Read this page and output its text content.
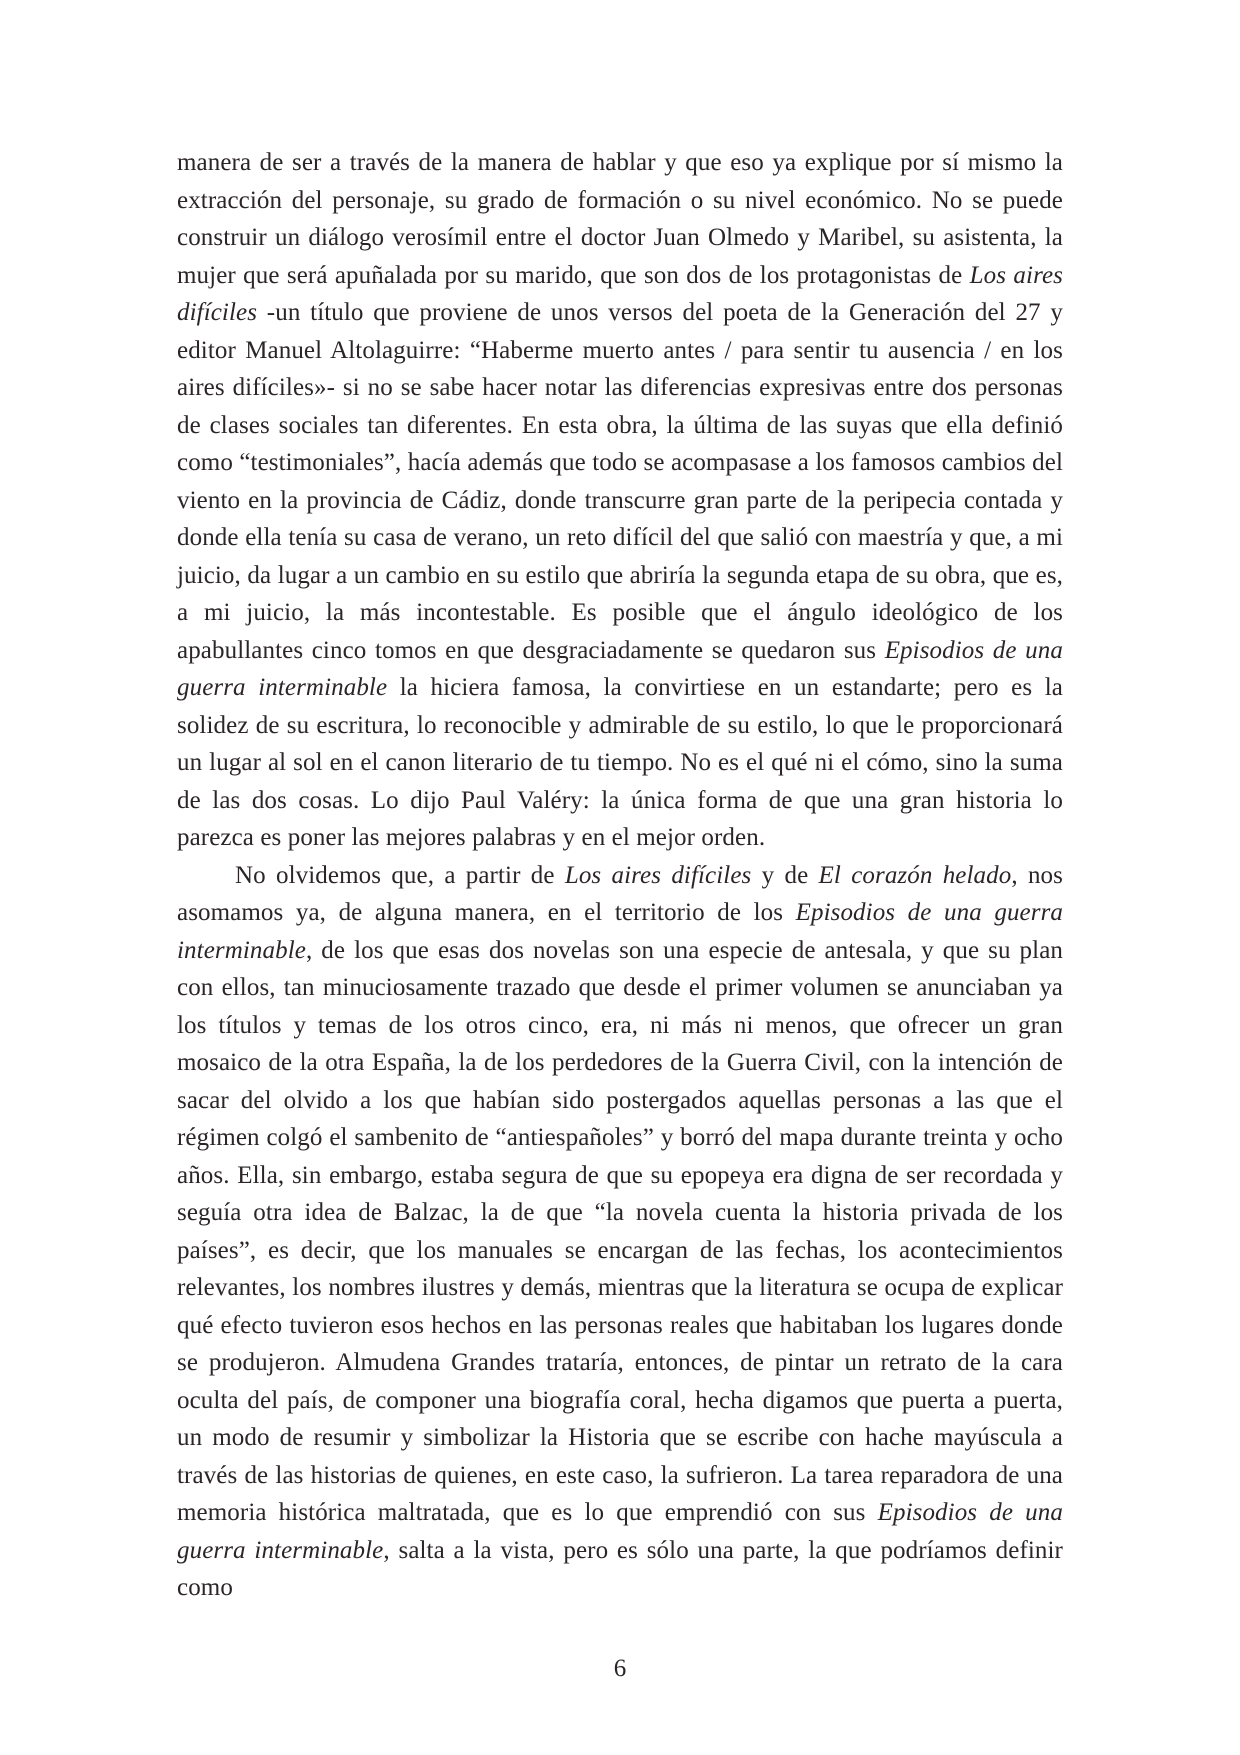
manera de ser a través de la manera de hablar y que eso ya explique por sí mismo la extracción del personaje, su grado de formación o su nivel económico. No se puede construir un diálogo verosímil entre el doctor Juan Olmedo y Maribel, su asistenta, la mujer que será apuñalada por su marido, que son dos de los protagonistas de Los aires difíciles -un título que proviene de unos versos del poeta de la Generación del 27 y editor Manuel Altolaguirre: “Haberme muerto antes / para sentir tu ausencia / en los aires difíciles»- si no se sabe hacer notar las diferencias expresivas entre dos personas de clases sociales tan diferentes. En esta obra, la última de las suyas que ella definió como “testimoniales”, hacía además que todo se acompasase a los famosos cambios del viento en la provincia de Cádiz, donde transcurre gran parte de la peripecia contada y donde ella tenía su casa de verano, un reto difícil del que salió con maestría y que, a mi juicio, da lugar a un cambio en su estilo que abriría la segunda etapa de su obra, que es, a mi juicio, la más incontestable. Es posible que el ángulo ideológico de los apabullantes cinco tomos en que desgraciadamente se quedaron sus Episodios de una guerra interminable la hiciera famosa, la convirtiese en un estandarte; pero es la solidez de su escritura, lo reconocible y admirable de su estilo, lo que le proporcionará un lugar al sol en el canon literario de tu tiempo. No es el qué ni el cómo, sino la suma de las dos cosas. Lo dijo Paul Valéry: la única forma de que una gran historia lo parezca es poner las mejores palabras y en el mejor orden.

No olvidemos que, a partir de Los aires difíciles y de El corazón helado, nos asomamos ya, de alguna manera, en el territorio de los Episodios de una guerra interminable, de los que esas dos novelas son una especie de antesala, y que su plan con ellos, tan minuciosamente trazado que desde el primer volumen se anunciaban ya los títulos y temas de los otros cinco, era, ni más ni menos, que ofrecer un gran mosaico de la otra España, la de los perdedores de la Guerra Civil, con la intención de sacar del olvido a los que habían sido postergados aquellas personas a las que el régimen colgó el sambenito de “antiespañoles” y borró del mapa durante treinta y ocho años. Ella, sin embargo, estaba segura de que su epopeya era digna de ser recordada y seguía otra idea de Balzac, la de que “la novela cuenta la historia privada de los países”, es decir, que los manuales se encargan de las fechas, los acontecimientos relevantes, los nombres ilustres y demás, mientras que la literatura se ocupa de explicar qué efecto tuvieron esos hechos en las personas reales que habitaban los lugares donde se produjeron. Almudena Grandes trataría, entonces, de pintar un retrato de la cara oculta del país, de componer una biografía coral, hecha digamos que puerta a puerta, un modo de resumir y simbolizar la Historia que se escribe con hache mayúscula a través de las historias de quienes, en este caso, la sufrieron. La tarea reparadora de una memoria histórica maltratada, que es lo que emprendió con sus Episodios de una guerra interminable, salta a la vista, pero es sólo una parte, la que podríamos definir como

6
